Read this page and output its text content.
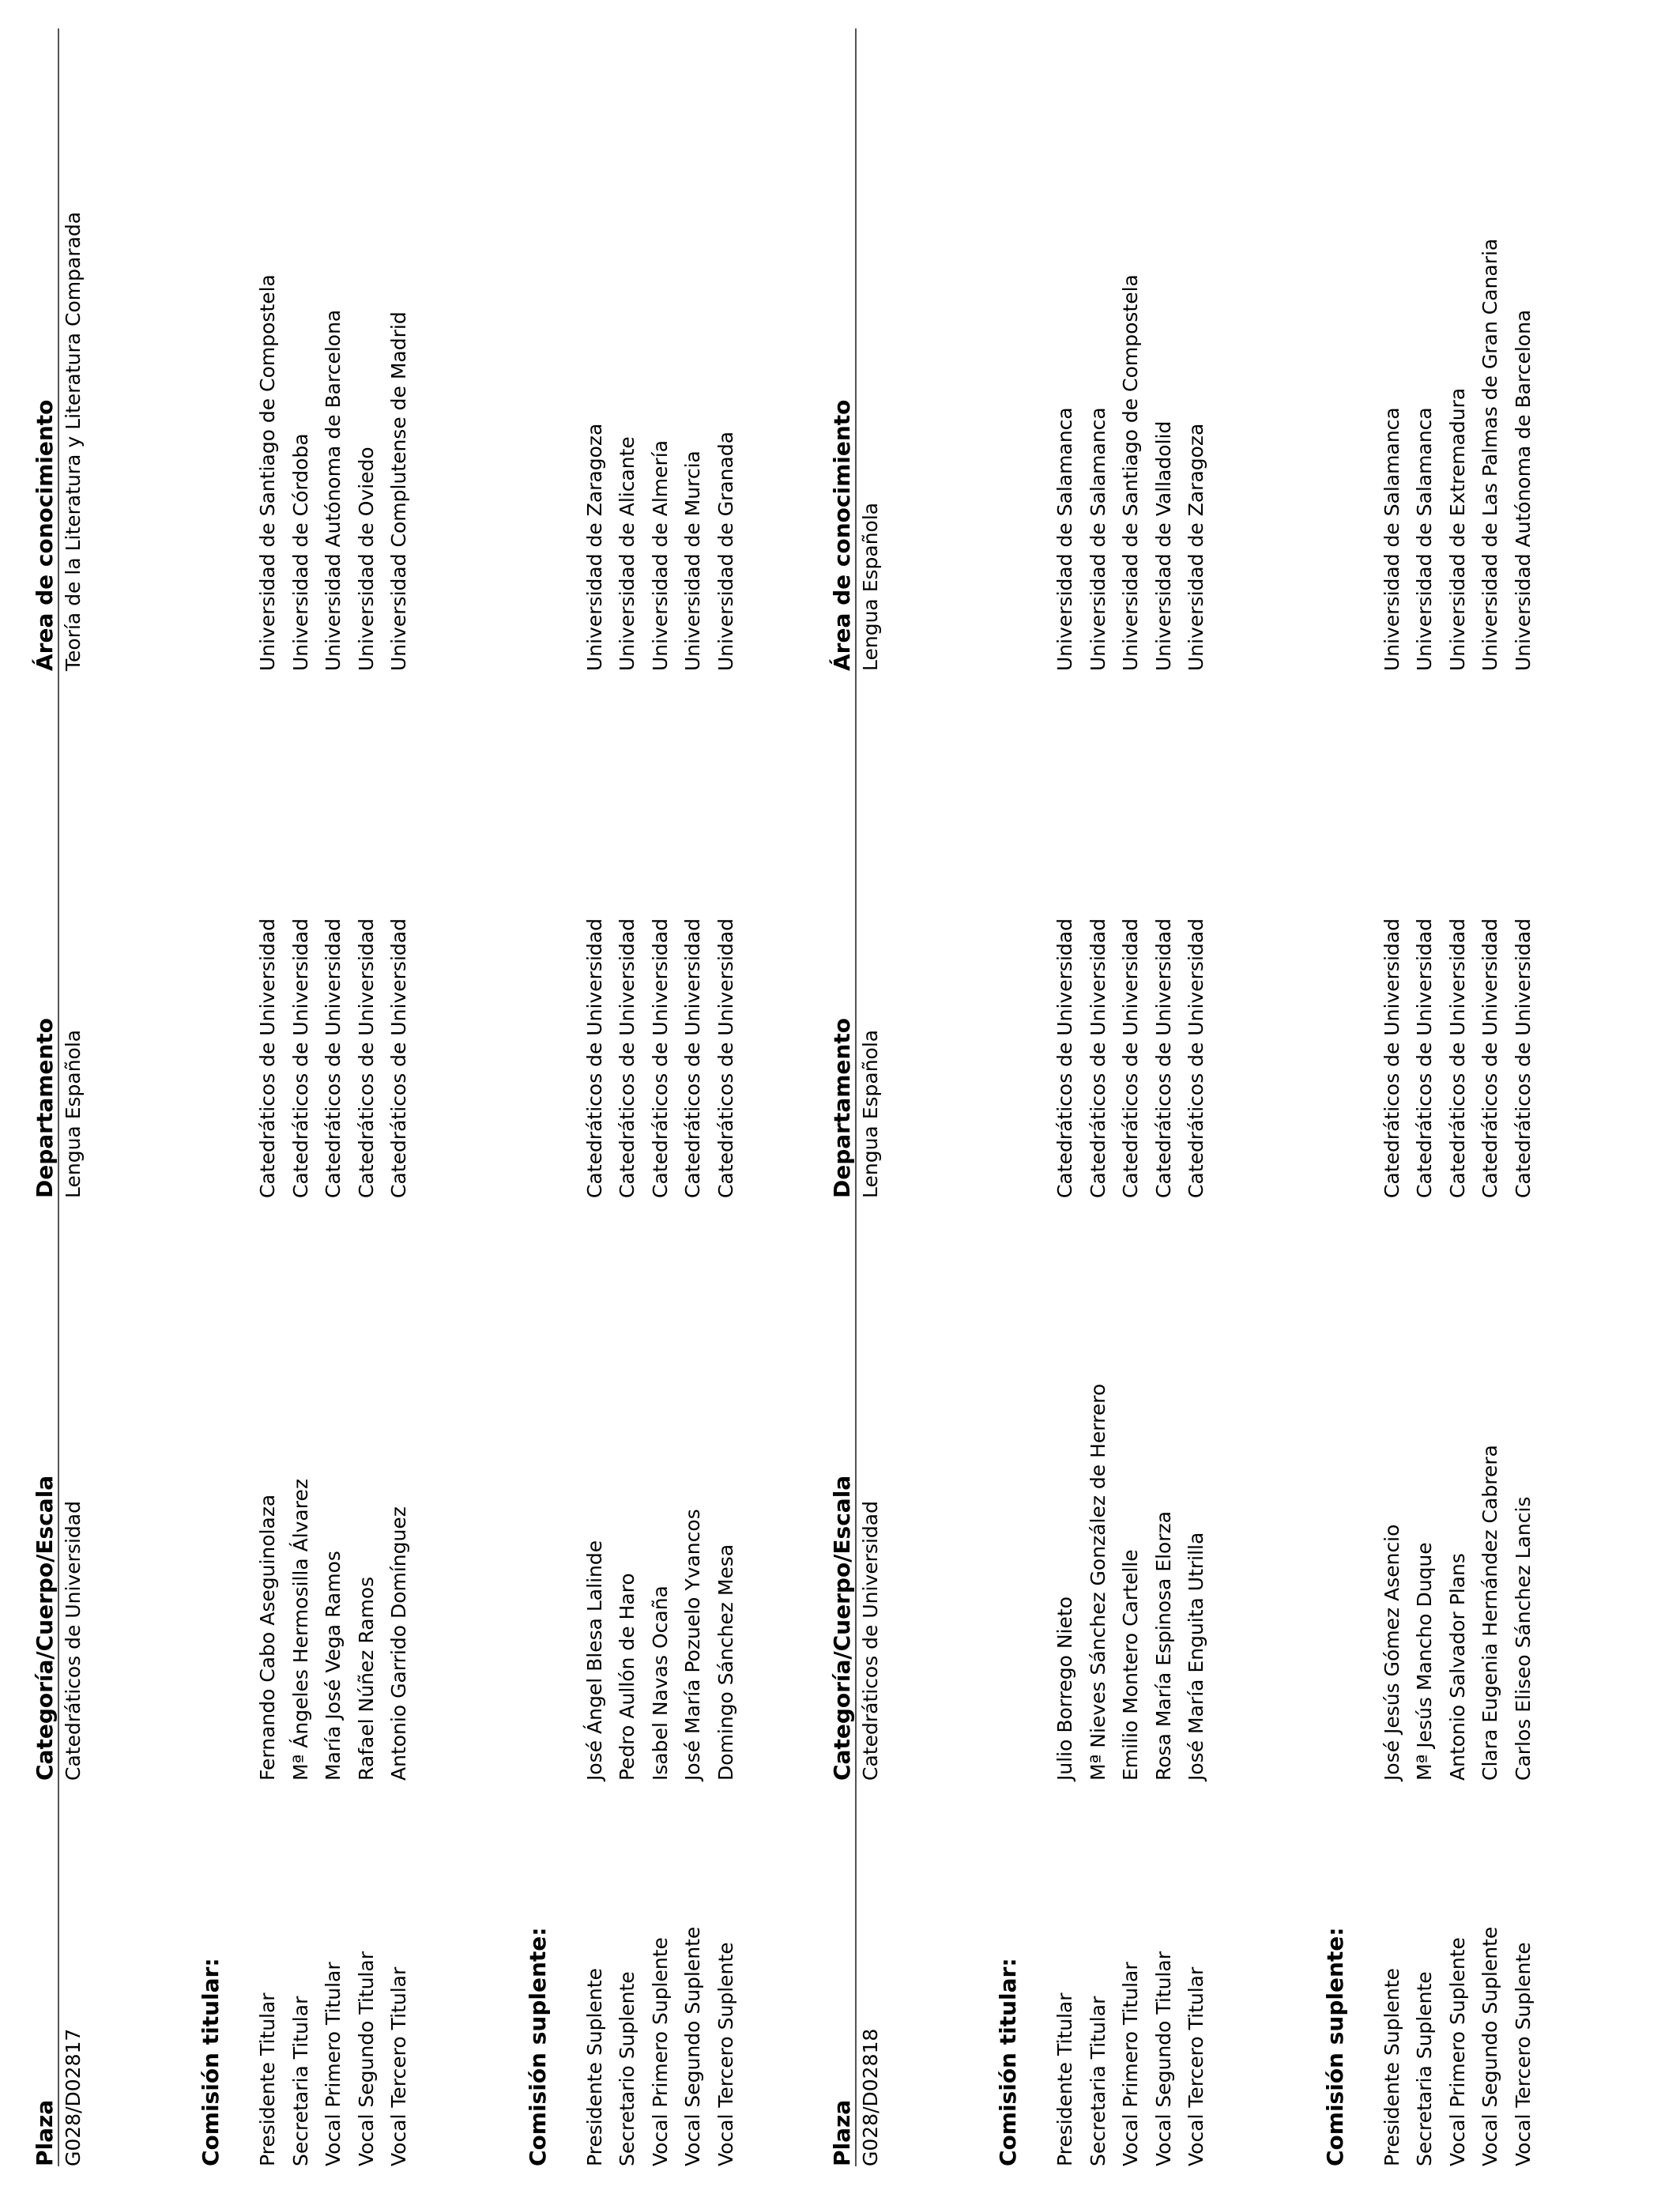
Plaza
Categoría/Cuerpo/Escala
Departamento
Área de conocimiento
G028/D02817
Catedráticos de Universidad
Lengua Española
Teoría de la Literatura y Literatura Comparada
Comisión titular: Presidente Titular
Fernando Cabo Aseguinolaza
Catedráticos de Universidad
Universidad de Santiago de Compostela
Secretaria Titular
Mª Ángeles Hermosilla Álvarez
Catedráticos de Universidad
Universidad de Córdoba
Vocal Primero Titular
María José Vega Ramos
Catedráticos de Universidad
Universidad Autónoma de Barcelona
Vocal Segundo Titular
Rafael Núñez Ramos
Catedráticos de Universidad
Universidad de Oviedo
Vocal Tercero Titular
Antonio Garrido Domínguez
Catedráticos de Universidad
Universidad Complutense de Madrid
Comisión suplente: Presidente Suplente
José Ángel Blesa Lalinde
Catedráticos de Universidad
Universidad de Zaragoza
Secretario Suplente
Pedro Aullón de Haro
Catedráticos de Universidad
Universidad de Alicante
Vocal Primero Suplente
Isabel Navas Ocaña
Catedráticos de Universidad
Universidad de Almería
Vocal Segundo Suplente
José María Pozuelo Yvancos
Catedráticos de Universidad
Universidad de Murcia
Vocal Tercero Suplente
Domingo Sánchez Mesa
Catedráticos de Universidad
Universidad de Granada
Plaza
Categoría/Cuerpo/Escala
Departamento
Área de conocimiento
G028/D02818
Catedráticos de Universidad
Lengua Española
Lengua Española
Comisión titular: Presidente Titular
Julio Borrego Nieto
Catedráticos de Universidad
Universidad de Salamanca
Secretaria Titular
Mª Nieves Sánchez González de Herrero
Catedráticos de Universidad
Universidad de Salamanca
Vocal Primero Titular
Emilio Montero Cartelle
Catedráticos de Universidad
Universidad de Santiago de Compostela
Vocal Segundo Titular
Rosa María Espinosa Elorza
Catedráticos de Universidad
Universidad de Valladolid
Vocal Tercero Titular
José María Enguita Utrilla
Catedráticos de Universidad
Universidad de Zaragoza
Comisión suplente: Presidente Suplente
José Jesús Gómez Asencio
Catedráticos de Universidad
Universidad de Salamanca
Secretaria Suplente
Mª Jesús Mancho Duque
Catedráticos de Universidad
Universidad de Salamanca
Vocal Primero Suplente
Antonio Salvador Plans
Catedráticos de Universidad
Universidad de Extremadura
Vocal Segundo Suplente
Clara Eugenia Hernández Cabrera
Catedráticos de Universidad
Universidad de Las Palmas de Gran Canaria
Vocal Tercero Suplente
Carlos Eliseo Sánchez Lancis
Catedráticos de Universidad
Universidad Autónoma de Barcelona
